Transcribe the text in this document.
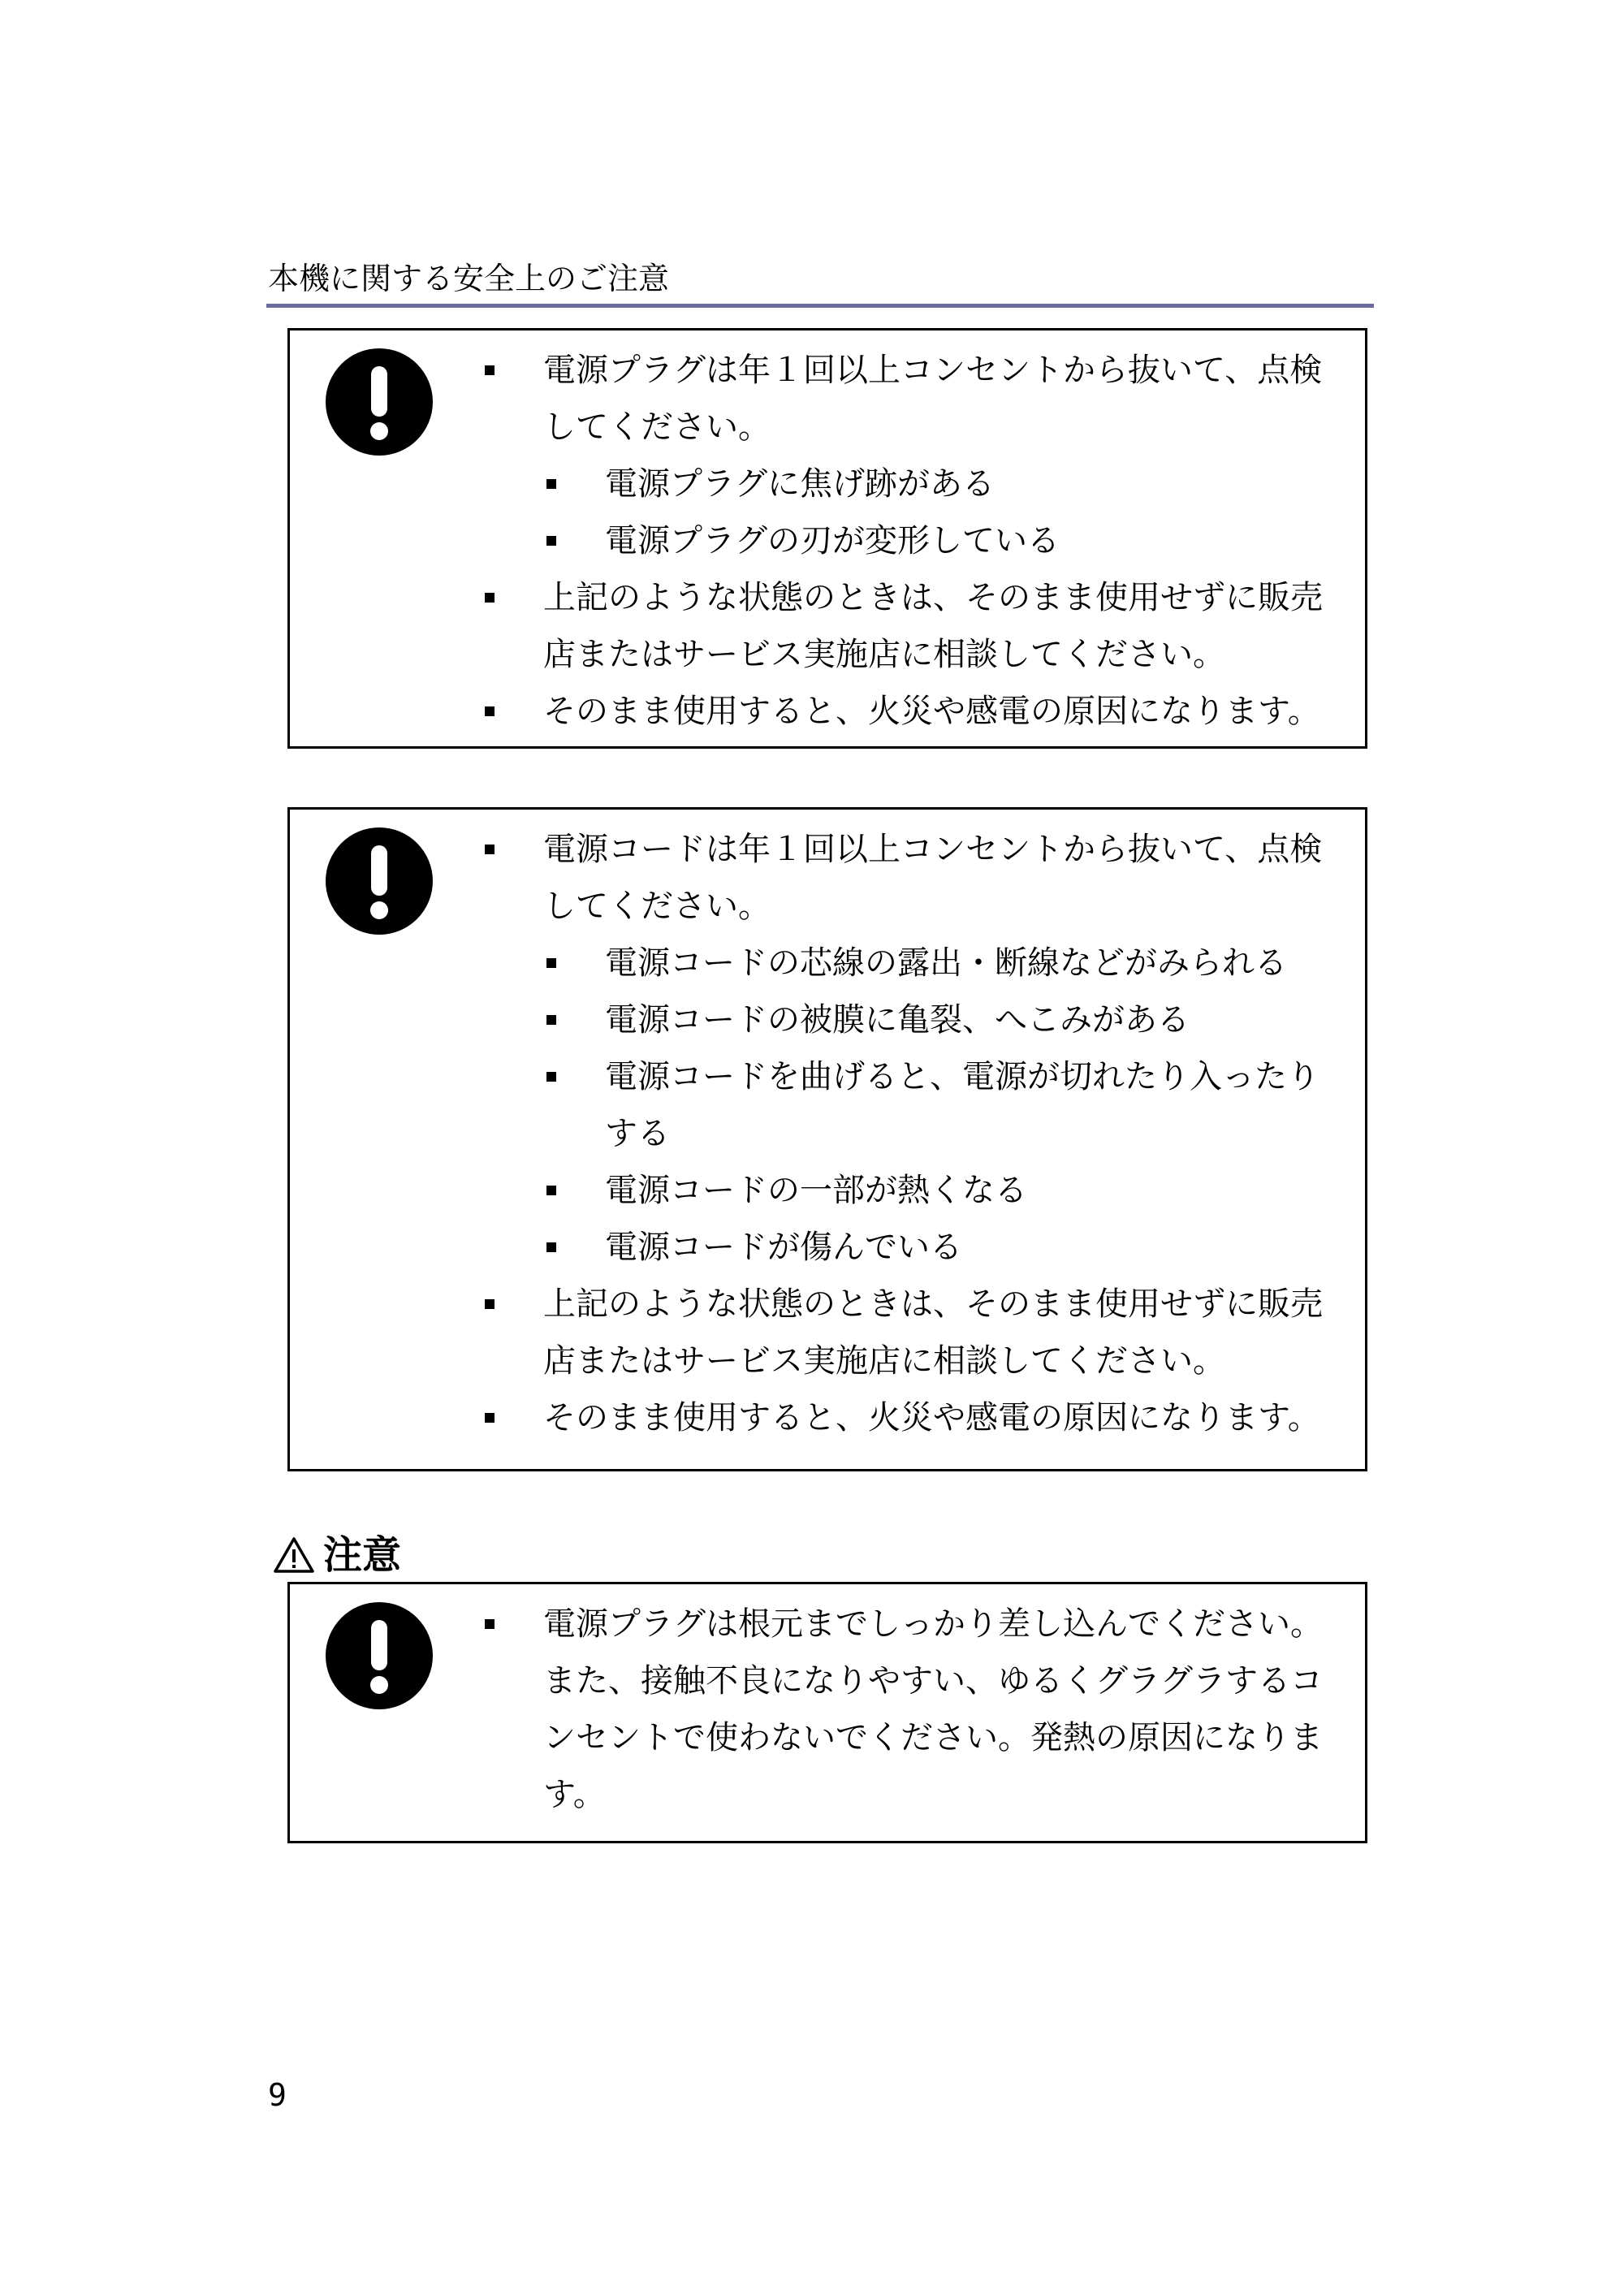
本機に関する安全上のご注意
電源プラグは年１回以上コンセントから抜いて、点検
してください。
電源プラグに焦げ跡がある
電源プラグの刃が変形している
上記のような状態のときは、そのまま使用せずに販売
店またはサービス実施店に相談してください。
そのまま使用すると、火災や感電の原因になります。
電源コードは年１回以上コンセントから抜いて、点検
してください。
電源コードの芯線の露出・断線などがみられる
電源コードの被膜に亀裂、へこみがある
電源コードを曲げると、電源が切れたり入ったり
する
電源コードの一部が熱くなる
電源コードが傷んでいる
上記のような状態のときは、そのまま使用せずに販売
店またはサービス実施店に相談してください。
そのまま使用すると、火災や感電の原因になります。
注意
電源プラグは根元までしっかり差し込んでください。
また、接触不良になりやすい、ゆるくグラグラするコ
ンセントで使わないでください。発熱の原因になりま
す。
9
